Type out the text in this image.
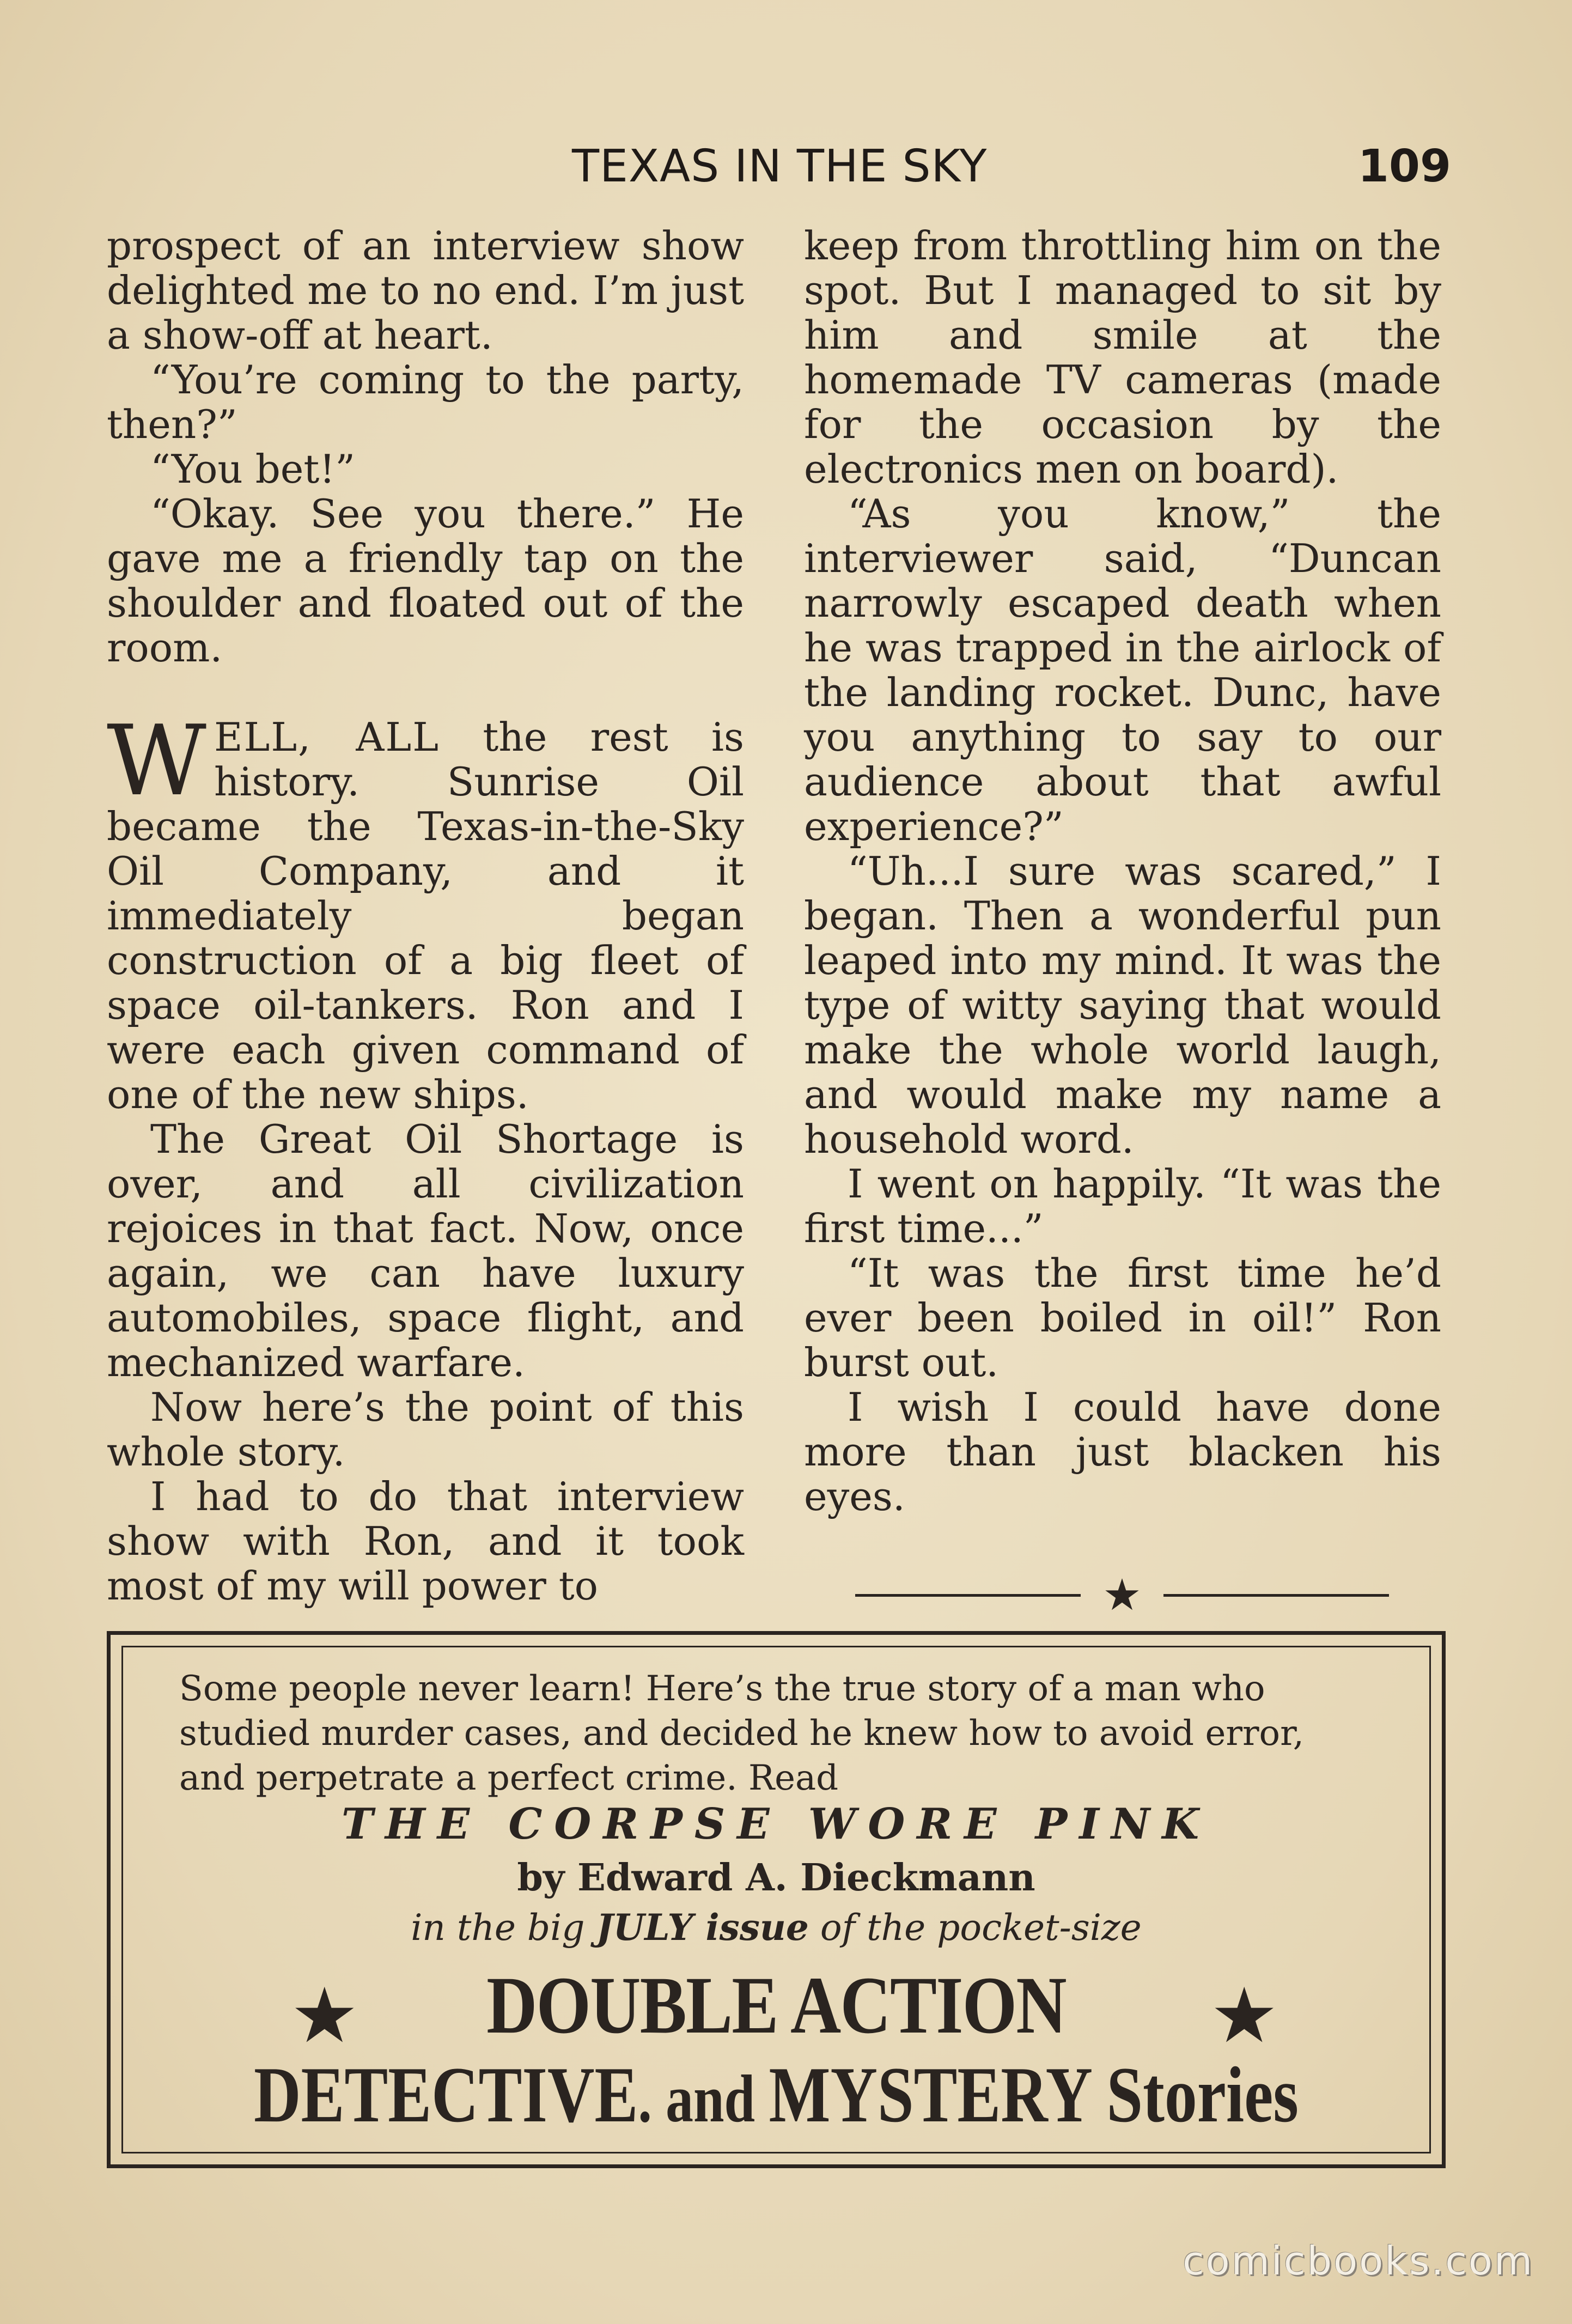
TEXAS IN THE SKY	109

prospect of an interview show delighted me to no end. I’m just a show-off at heart.

“You’re coming to the party, then?”

“You bet!”

“Okay. See you there.” He gave me a friendly tap on the shoulder and floated out of the room.

WELL, ALL the rest is history. Sunrise Oil became the Texas-in-the-Sky Oil Company, and it immediately began construction of a big fleet of space oil-tankers. Ron and I were each given command of one of the new ships.

The Great Oil Shortage is over, and all civilization rejoices in that fact. Now, once again, we can have luxury automobiles, space flight, and mechanized warfare.

Now here’s the point of this whole story.

I had to do that interview show with Ron, and it took most of my will power to

keep from throttling him on the spot. But I managed to sit by him and smile at the homemade TV cameras (made for the occasion by the electronics men on board).

“As you know,” the interviewer said, “Duncan narrowly escaped death when he was trapped in the airlock of the landing rocket. Dunc, have you anything to say to our audience about that awful experience?”

“Uh...I sure was scared,” I began. Then a wonderful pun leaped into my mind. It was the type of witty saying that would make the whole world laugh, and would make my name a household word.

I went on happily. “It was the first time...”

“It was the first time he’d ever been boiled in oil!” Ron burst out.

I wish I could have done more than just blacken his eyes.

★
Some people never learn! Here’s the true story of a man who studied murder cases, and decided he knew how to avoid error, and perpetrate a perfect crime. Read
THE CORPSE WORE PINK
by Edward A. Dieckmann
in the big JULY issue of the pocket-size
★	★
DOUBLE ACTION
DETECTIVE. and MYSTERY Stories
comicbooks.com
